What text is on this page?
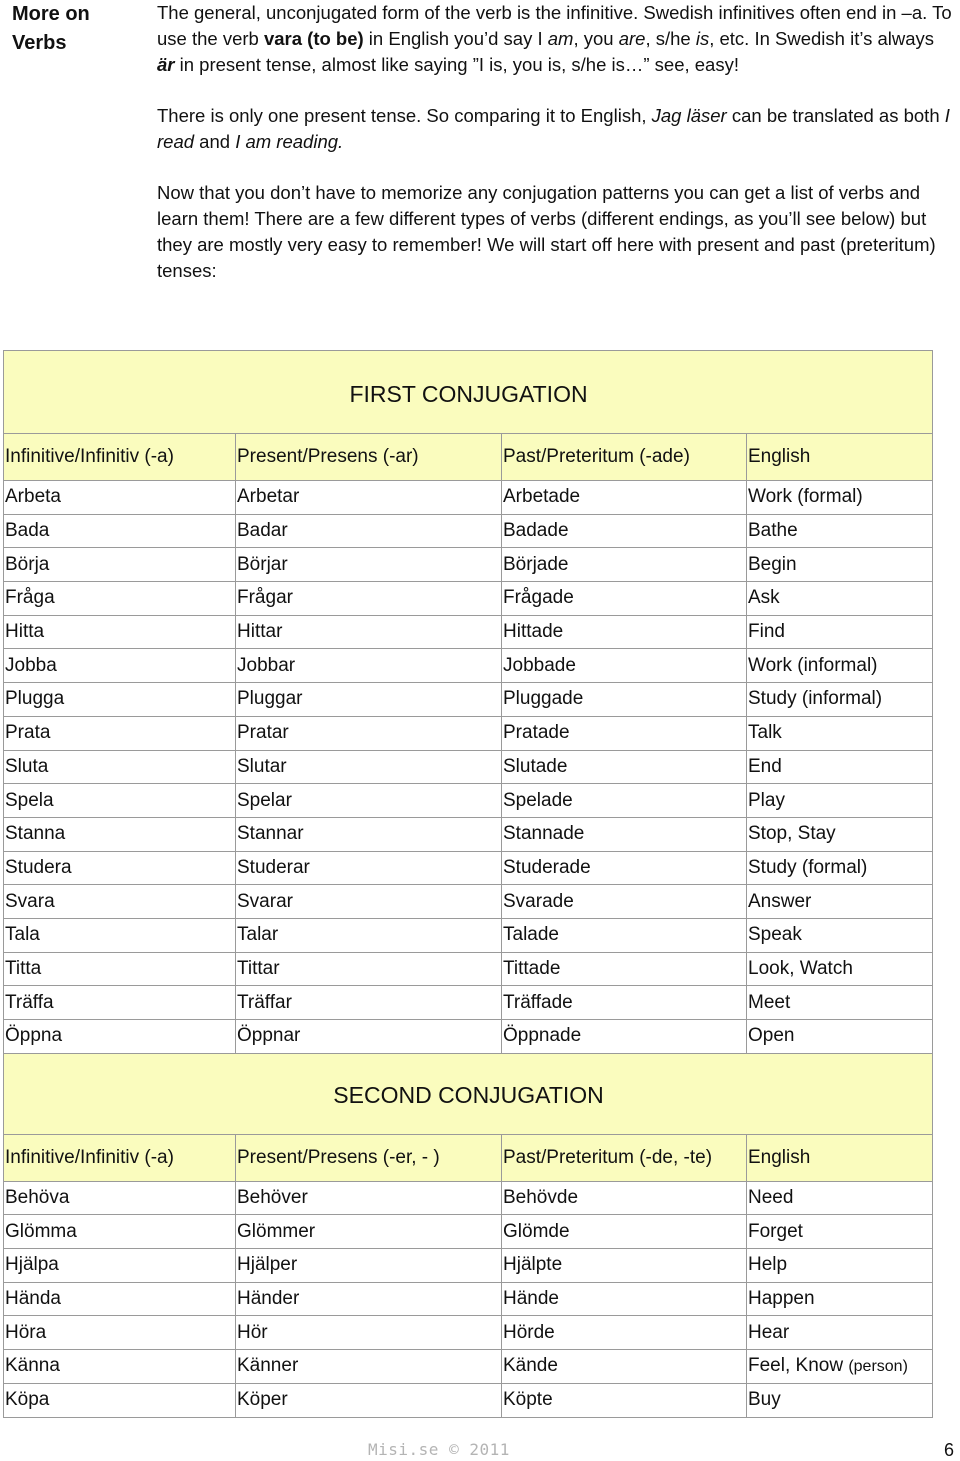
More on Verbs

The general, unconjugated form of the verb is the infinitive. Swedish infinitives often end in –a. To use the verb vara (to be) in English you’d say I am, you are, s/he is, etc. In Swedish it’s always är in present tense, almost like saying ”I is, you is, s/he is…” see, easy!

There is only one present tense. So comparing it to English, Jag läser can be translated as both I read and I am reading.

Now that you don’t have to memorize any conjugation patterns you can get a list of verbs and learn them! There are a few different types of verbs (different endings, as you’ll see below) but they are mostly very easy to remember! We will start off here with present and past (preteritum) tenses:

FIRST CONJUGATION			
Infinitive/Infinitiv (-a)	Present/Presens (-ar)	Past/Preteritum (-ade)	English
Arbeta	Arbetar	Arbetade	Work (formal)
Bada	Badar	Badade	Bathe
Börja	Börjar	Började	Begin
Fråga	Frågar	Frågade	Ask
Hitta	Hittar	Hittade	Find
Jobba	Jobbar	Jobbade	Work (informal)
Plugga	Pluggar	Pluggade	Study (informal)
Prata	Pratar	Pratade	Talk
Sluta	Slutar	Slutade	End
Spela	Spelar	Spelade	Play
Stanna	Stannar	Stannade	Stop, Stay
Studera	Studerar	Studerade	Study (formal)
Svara	Svarar	Svarade	Answer
Tala	Talar	Talade	Speak
Titta	Tittar	Tittade	Look, Watch
Träffa	Träffar	Träffade	Meet
Öppna	Öppnar	Öppnade	Open
SECOND CONJUGATION			
Infinitive/Infinitiv (-a)	Present/Presens (-er, - )	Past/Preteritum (-de, -te)	English
Behöva	Behöver	Behövde	Need
Glömma	Glömmer	Glömde	Forget
Hjälpa	Hjälper	Hjälpte	Help
Hända	Händer	Hände	Happen
Höra	Hör	Hörde	Hear
Känna	Känner	Kände	Feel, Know (person)
Köpa	Köper	Köpte	Buy
Misi.se © 2011	6
